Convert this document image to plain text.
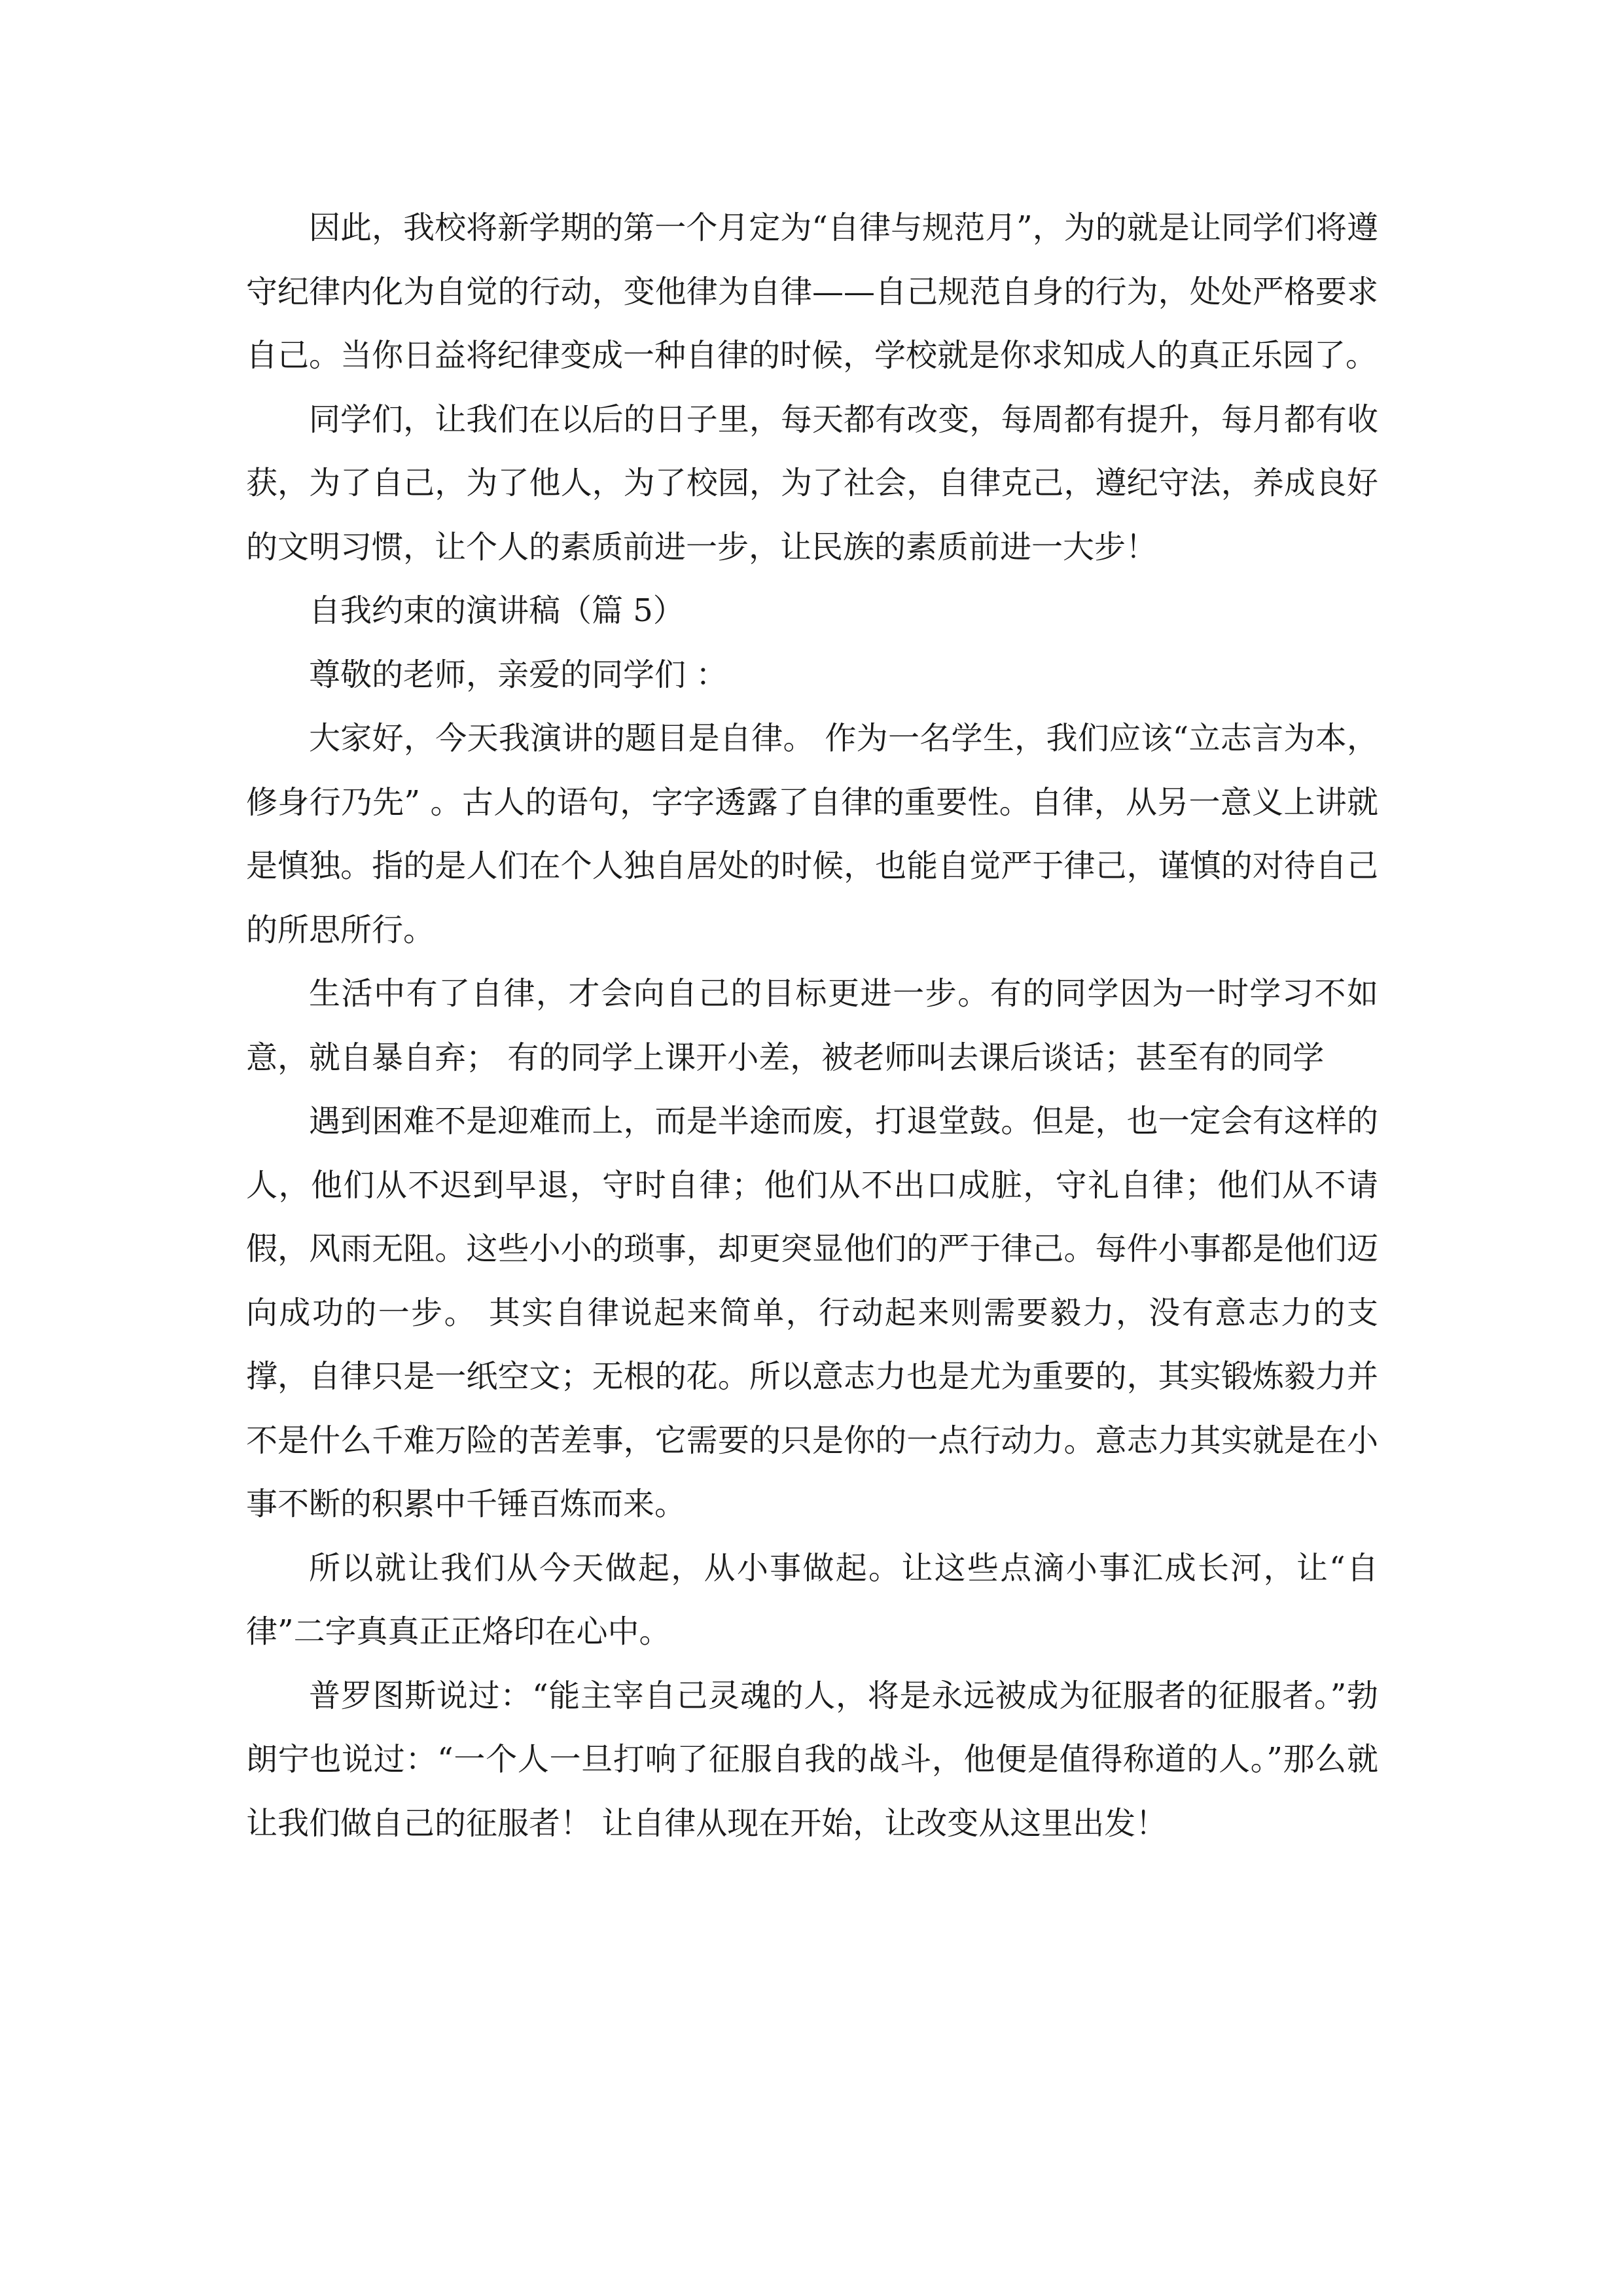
因此，我校将新学期的第一个月定为“自律与规范月”，为的就是让同学们将遵守纪律内化为自觉的行动，变他律为自律——自己规范自身的行为，处处严格要求自己。当你日益将纪律变成一种自律的时候，学校就是你求知成人的真正乐园了。

同学们，让我们在以后的日子里，每天都有改变，每周都有提升，每月都有收获，为了自己，为了他人，为了校园，为了社会，自律克己，遵纪守法，养成良好的文明习惯，让个人的素质前进一步，让民族的素质前进一大步！

自我约束的演讲稿（篇 5）

尊敬的老师，亲爱的同学们 ：

大家好，今天我演讲的题目是自律。 作为一名学生，我们应该“立志言为本，修身行乃先” 。古人的语句，字字透露了自律的重要性。自律，从另一意义上讲就是慎独。指的是人们在个人独自居处的时候，也能自觉严于律己，谨慎的对待自己的所思所行。

生活中有了自律，才会向自己的目标更进一步。有的同学因为一时学习不如意，就自暴自弃； 有的同学上课开小差，被老师叫去课后谈话；甚至有的同学

遇到困难不是迎难而上，而是半途而废，打退堂鼓。但是，也一定会有这样的人，他们从不迟到早退，守时自律；他们从不出口成脏，守礼自律；他们从不请假，风雨无阻。这些小小的琐事，却更突显他们的严于律己。每件小事都是他们迈向成功的一步。 其实自律说起来简单，行动起来则需要毅力，没有意志力的支撑，自律只是一纸空文；无根的花。所以意志力也是尤为重要的，其实锻炼毅力并不是什么千难万险的苦差事，它需要的只是你的一点行动力。意志力其实就是在小事不断的积累中千锤百炼而来。

所以就让我们从今天做起，从小事做起。让这些点滴小事汇成长河，让“自律”二字真真正正烙印在心中。

普罗图斯说过：“能主宰自己灵魂的人，将是永远被成为征服者的征服者。”勃朗宁也说过：“一个人一旦打响了征服自我的战斗，他便是值得称道的人。”那么就让我们做自己的征服者！ 让自律从现在开始，让改变从这里出发！
